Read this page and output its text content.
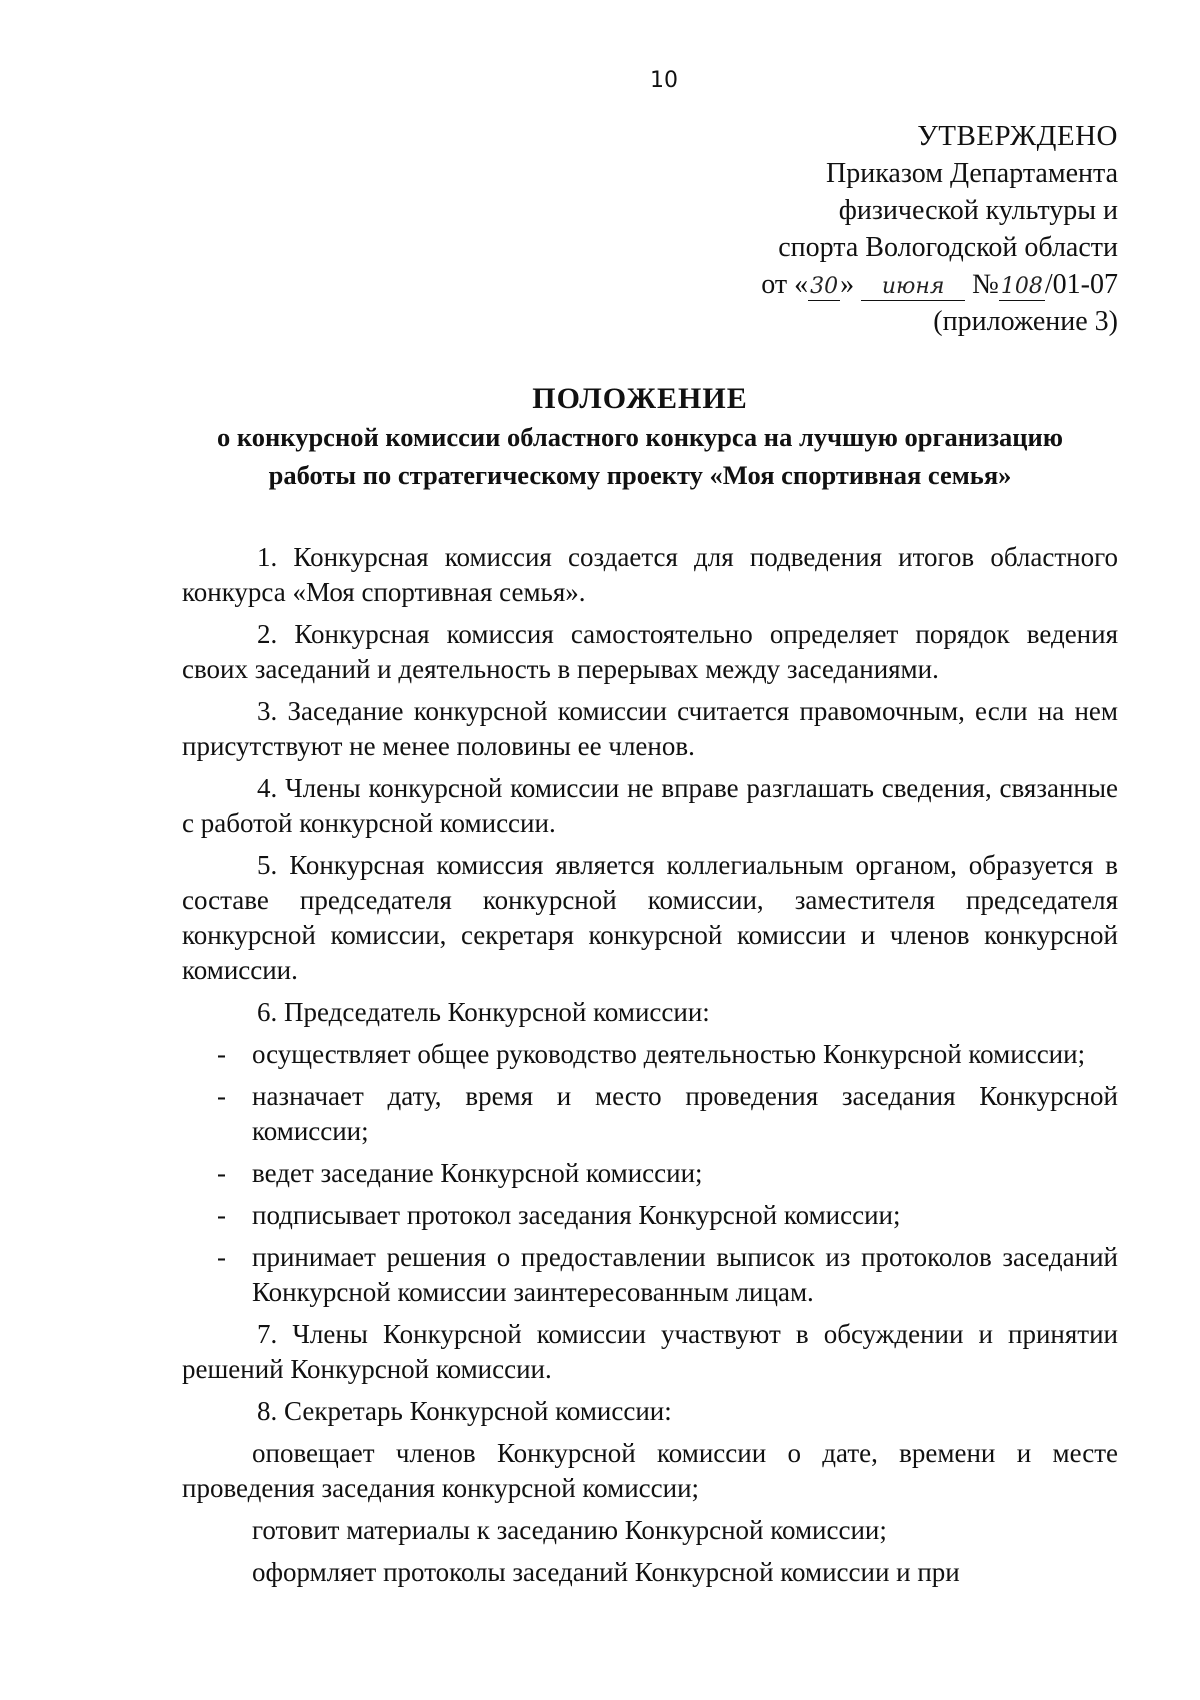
10
УТВЕРЖДЕНО
Приказом Департамента
физической культуры и
спорта Вологодской области
от «30» июня №108/01-07
(приложение 3)
ПОЛОЖЕНИЕ
о конкурсной комиссии областного конкурса на лучшую организацию
работы по стратегическому проекту «Моя спортивная семья»

1. Конкурсная комиссия создается для подведения итогов областного конкурса «Моя спортивная семья».

2. Конкурсная комиссия самостоятельно определяет порядок ведения своих заседаний и деятельность в перерывах между заседаниями.

3. Заседание конкурсной комиссии считается правомочным, если на нем присутствуют не менее половины ее членов.

4. Члены конкурсной комиссии не вправе разглашать сведения, связанные с работой конкурсной комиссии.

5. Конкурсная комиссия является коллегиальным органом, образуется в составе председателя конкурсной комиссии, заместителя председателя конкурсной комиссии, секретаря конкурсной комиссии и членов конкурсной комиссии.

6. Председатель Конкурсной комиссии:

- осуществляет общее руководство деятельностью Конкурсной комиссии;
- назначает дату, время и место проведения заседания Конкурсной комиссии;
- ведет заседание Конкурсной комиссии;
- подписывает протокол заседания Конкурсной комиссии;
- принимает решения о предоставлении выписок из протоколов заседаний Конкурсной комиссии заинтересованным лицам.

7. Члены Конкурсной комиссии участвуют в обсуждении и принятии решений Конкурсной комиссии.

8. Секретарь Конкурсной комиссии:

оповещает членов Конкурсной комиссии о дате, времени и месте проведения заседания конкурсной комиссии;

готовит материалы к заседанию Конкурсной комиссии;

оформляет протоколы заседаний Конкурсной комиссии и при
